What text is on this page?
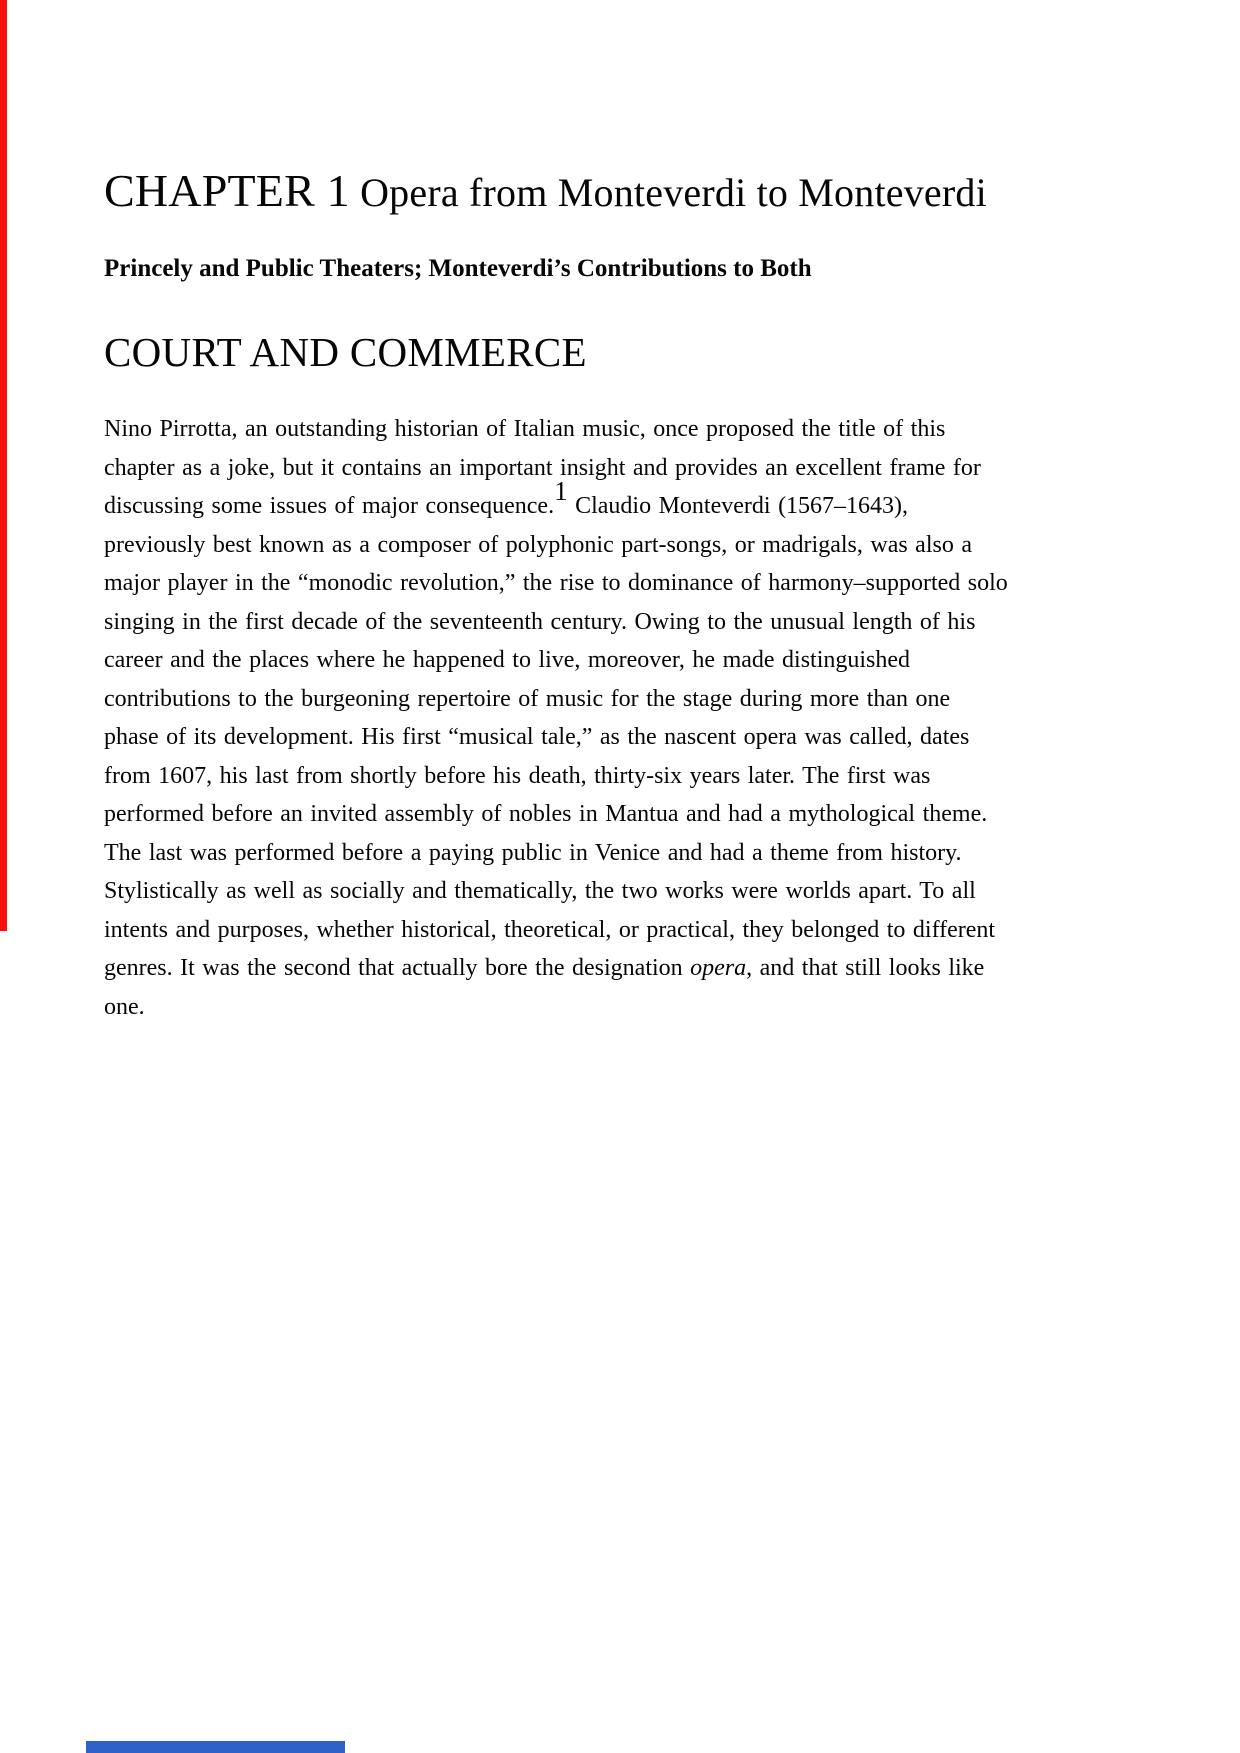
CHAPTER 1 Opera from Monteverdi to Monteverdi
Princely and Public Theaters; Monteverdi’s Contributions to Both
COURT AND COMMERCE

Nino Pirrotta, an outstanding historian of Italian music, once proposed the title of this chapter as a joke, but it contains an important insight and provides an excellent frame for discussing some issues of major consequence.$^1$ Claudio Monteverdi (1567–1643), previously best known as a composer of polyphonic part-songs, or madrigals, was also a major player in the “monodic revolution,” the rise to dominance of harmony–supported solo singing in the first decade of the seventeenth century. Owing to the unusual length of his career and the places where he happened to live, moreover, he made distinguished contributions to the burgeoning repertoire of music for the stage during more than one phase of its development. His first “musical tale,” as the nascent opera was called, dates from 1607, his last from shortly before his death, thirty-six years later. The first was performed before an invited assembly of nobles in Mantua and had a mythological theme. The last was performed before a paying public in Venice and had a theme from history. Stylistically as well as socially and thematically, the two works were worlds apart. To all intents and purposes, whether historical, theoretical, or practical, they belonged to different genres. It was the second that actually bore the designation opera, and that still looks like one.
